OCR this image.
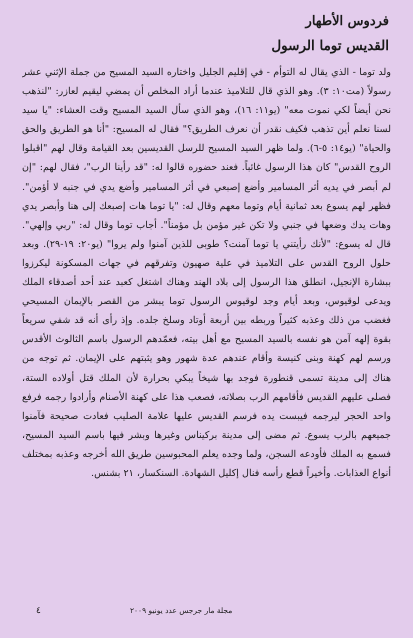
فردوس الأطهار
القديس توما الرسول
ولد توما - الذي يقال له التوأم - في إقليم الجليل واختاره السيد المسيح من جملة الإثني عشر رسولاً (مت١٠: ٣). وهو الذي قال للتلاميذ عندما أراد المخلص أن يمضي ليقيم لعازر: "لنذهب نحن أيضاً لكي نموت معه" (يو١١: ١٦)، وهو الذي سأل السيد المسيح وقت العشاء: "يا سيد لسنا نعلم أين تذهب فكيف نقدر أن نعرف الطريق؟" فقال له المسيح: "أنا هو الطريق والحق والحياة" (يو١٤: ٥-٦). ولما ظهر السيد المسيح للرسل القديسين بعد القيامة وقال لهم "اقبلوا الروح القدس" كان هذا الرسول غائباً. فعند حضوره قالوا له: "قد رأينا الرب"، فقال لهم: "إن لم أبصر في يديه أثر المسامير وأضع إصبعي في أثر المسامير وأضع يدي في جنبه لا أؤمن". فظهر لهم يسوع بعد ثمانية أيام وتوما معهم وقال له: "يا توما هات إصبعك إلى هنا وأبصر يدي وهات يدك وضعها في جنبي ولا تكن غير مؤمن بل مؤمناً". أجاب توما وقال له: "ربي وإلهي". قال له يسوع: "لأنك رأيتني يا توما آمنت؟ طوبى للذين آمنوا ولم يروا" (يو٢٠: ١٩-٢٩). وبعد حلول الروح القدس على التلاميذ في علية صهيون وتفرقهم في جهات المسكونة ليكرزوا ببشارة الإنجيل، انطلق هذا الرسول إلى بلاد الهند وهناك اشتغل كعبد عند أحد أصدقاء الملك ويدعى لوقيوس، وبعد أيام وجد لوقيوس الرسول توما يبشر من القصر بالإيمان المسيحي فغضب من ذلك وعذبه كثيراً وربطه بين أربعة أوتاد وسلخ جلده. وإذ رأى أنه قد شفي سريعاً بقوة إلهه آمن هو نفسه بالسيد المسيح مع أهل بيته، فعمّدهم الرسول باسم الثالوث الأقدس ورسم لهم كهنة وبنى كنيسة وأقام عندهم عدة شهور وهو يثبتهم على الإيمان. ثم توجه من هناك إلى مدينة تسمى قنطورة فوجد بها شيخاً يبكي بحرارة لأن الملك قتل أولاده الستة، فصلى عليهم القديس فأقامهم الرب بصلاته، فصعب هذا على كهنة الأصنام وأرادوا رجمه فرفع واحد الحجر ليرجمه فيبست يده فرسم القديس عليها علامة الصليب فعادت صحيحة فآمنوا جميعهم بالرب يسوع. ثم مضى إلى مدينة بركيناس وغيرها وبشر فيها باسم السيد المسيح، فسمع به الملك فأودعه السجن، ولما وجده يعلم المحبوسين طريق الله أخرجه وعذبه بمختلف أنواع العذابات. وأخيراً قطع رأسه فنال إكليل الشهادة. السنكسار، ٢١ بشنس.
مجلة مار جرجس عدد يونيو ٢٠٠٩
٤
